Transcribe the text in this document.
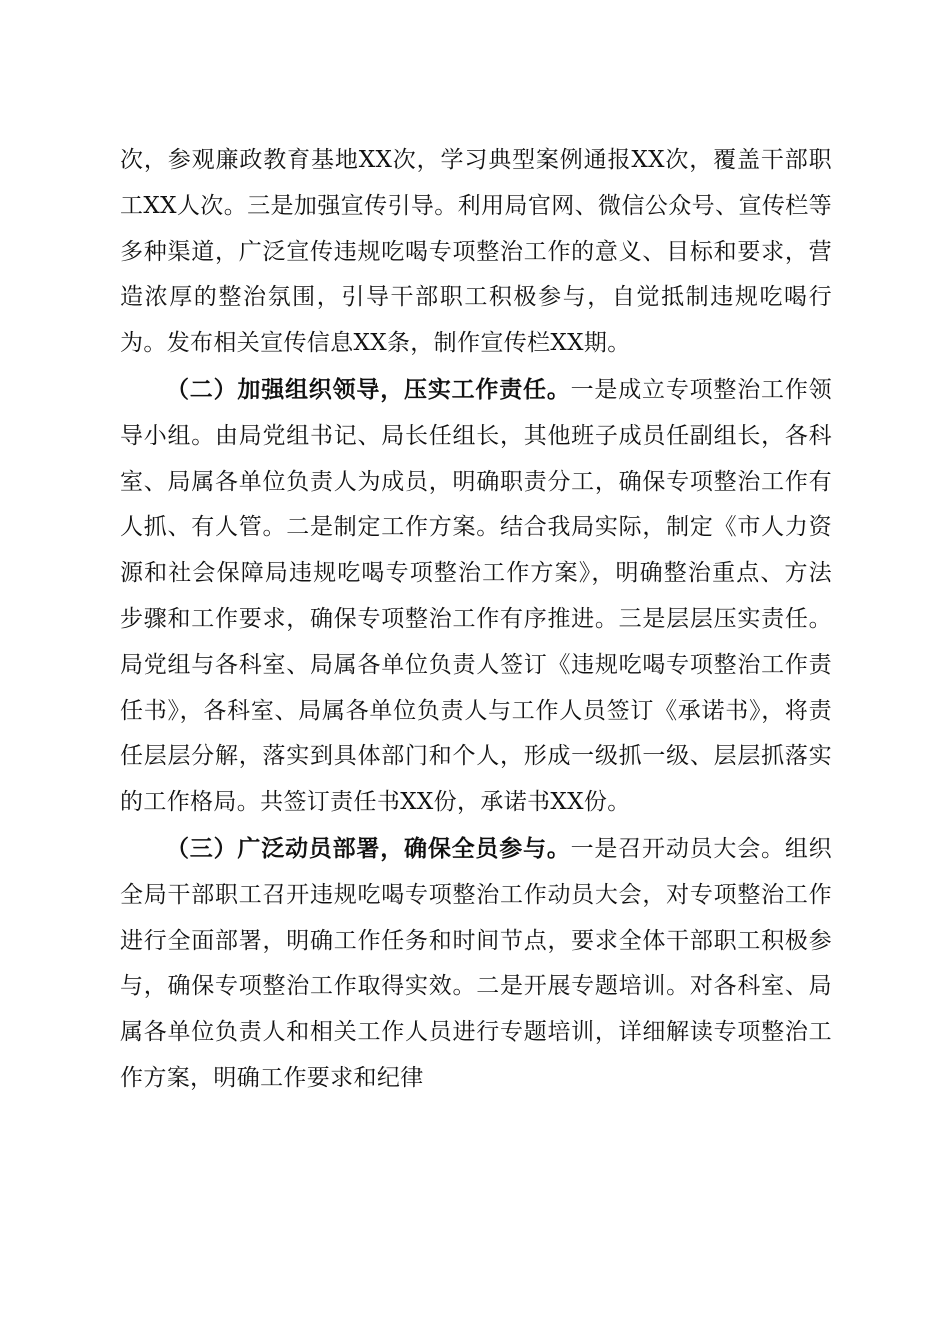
次，参观廉政教育基地XX次，学习典型案例通报XX次，覆盖干部职工XX人次。三是加强宣传引导。利用局官网、微信公众号、宣传栏等多种渠道，广泛宣传违规吃喝专项整治工作的意义、目标和要求，营造浓厚的整治氛围，引导干部职工积极参与，自觉抵制违规吃喝行为。发布相关宣传信息XX条，制作宣传栏XX期。

（二）加强组织领导，压实工作责任。一是成立专项整治工作领导小组。由局党组书记、局长任组长，其他班子成员任副组长，各科室、局属各单位负责人为成员，明确职责分工，确保专项整治工作有人抓、有人管。二是制定工作方案。结合我局实际，制定《市人力资源和社会保障局违规吃喝专项整治工作方案》，明确整治重点、方法步骤和工作要求，确保专项整治工作有序推进。三是层层压实责任。局党组与各科室、局属各单位负责人签订《违规吃喝专项整治工作责任书》，各科室、局属各单位负责人与工作人员签订《承诺书》，将责任层层分解，落实到具体部门和个人，形成一级抓一级、层层抓落实的工作格局。共签订责任书XX份，承诺书XX份。

（三）广泛动员部署，确保全员参与。一是召开动员大会。组织全局干部职工召开违规吃喝专项整治工作动员大会，对专项整治工作进行全面部署，明确工作任务和时间节点，要求全体干部职工积极参与，确保专项整治工作取得实效。二是开展专题培训。对各科室、局属各单位负责人和相关工作人员进行专题培训，详细解读专项整治工作方案，明确工作要求和纪律
